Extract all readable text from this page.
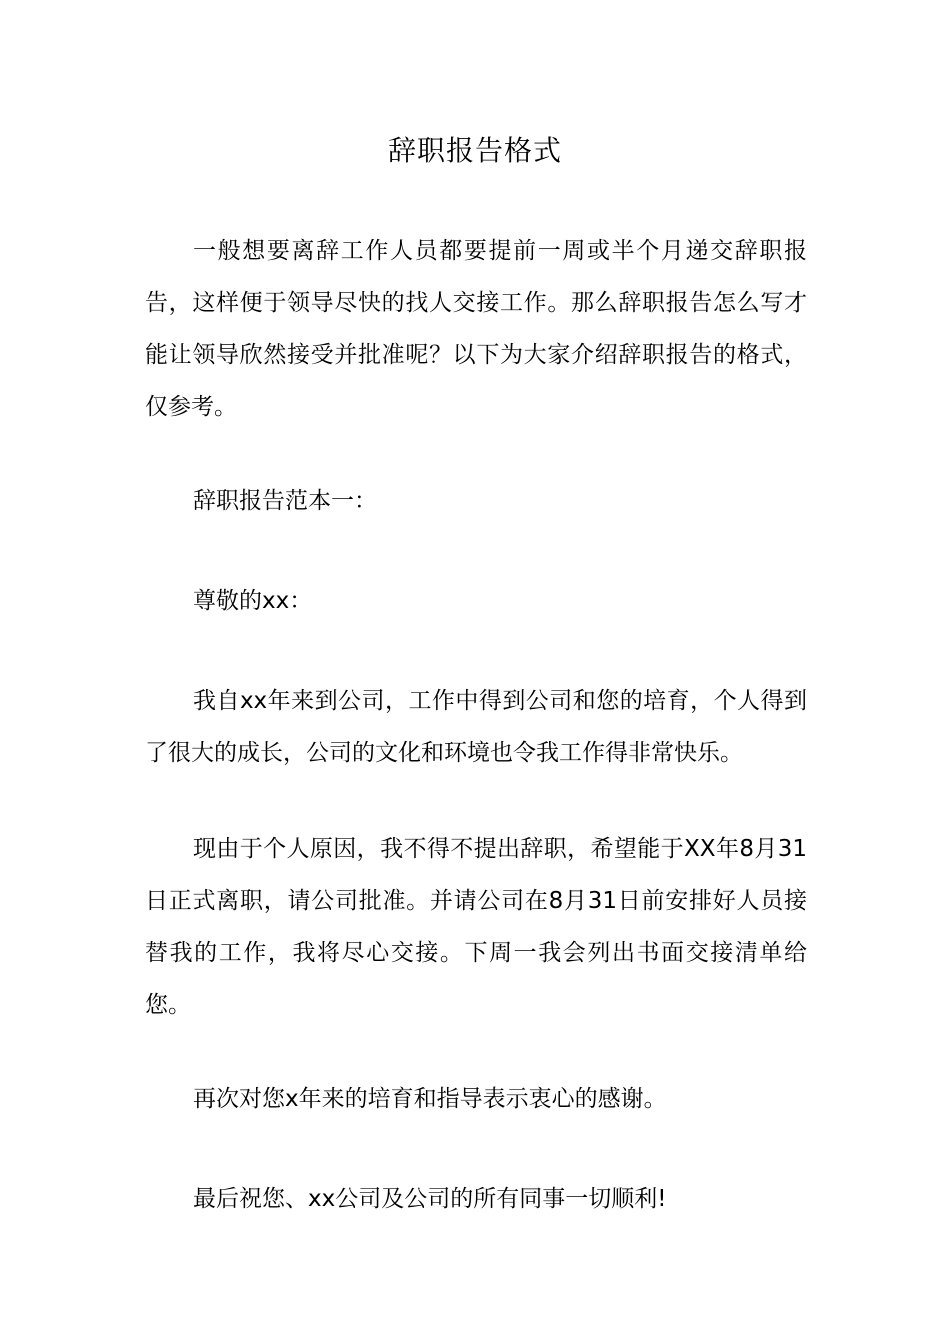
辞职报告格式

一般想要离辞工作人员都要提前一周或半个月递交辞职报告，这样便于领导尽快的找人交接工作。那么辞职报告怎么写才能让领导欣然接受并批准呢？以下为大家介绍辞职报告的格式，仅参考。

辞职报告范本一：

尊敬的xx：

我自xx年来到公司，工作中得到公司和您的培育，个人得到了很大的成长，公司的文化和环境也令我工作得非常快乐。

现由于个人原因，我不得不提出辞职，希望能于XX年8月31日正式离职，请公司批准。并请公司在8月31日前安排好人员接替我的工作，我将尽心交接。下周一我会列出书面交接清单给您。

再次对您x年来的培育和指导表示衷心的感谢。

最后祝您、xx公司及公司的所有同事一切顺利!
